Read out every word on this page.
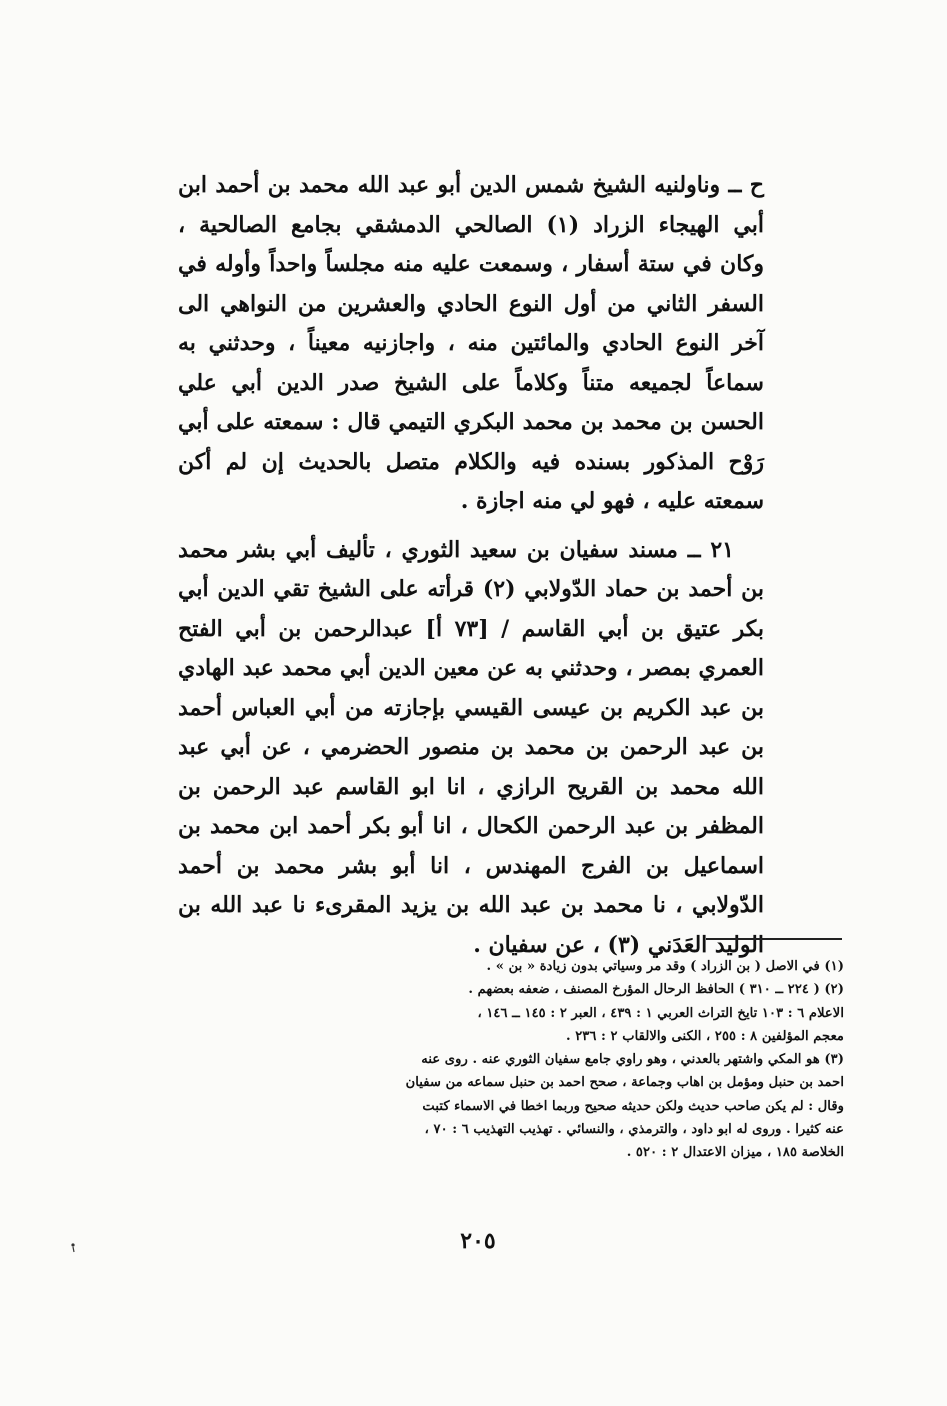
ح ــ وناولنيه الشيخ شمس الدين أبو عبد الله محمد بن أحمد ابن أبي الهيجاء الزراد (١) الصالحي الدمشقي بجامع الصالحية ، وكان في ستة أسفار ، وسمعت عليه منه مجلساً واحداً وأوله في السفر الثاني من أول النوع الحادي والعشرين من النواهي الى آخر النوع الحادي والمائتين منه ، واجازنيه معيناً ، وحدثني به سماعاً لجميعه متناً وكلاماً على الشيخ صدر الدين أبي علي الحسن بن محمد بن محمد البكري التيمي قال : سمعته على أبي رَوْح المذكور بسنده فيه والكلام متصل بالحديث إن لم أكن سمعته عليه ، فهو لي منه اجازة .

٢١ ــ مسند سفيان بن سعيد الثوري ، تأليف أبي بشر محمد بن أحمد بن حماد الدّولابي (٢) قرأته على الشيخ تقي الدين أبي بكر عتيق بن أبي القاسم / [٧٣ أ] عبدالرحمن بن أبي الفتح العمري بمصر ، وحدثني به عن معين الدين أبي محمد عبد الهادي بن عبد الكريم بن عيسى القيسي بإجازته من أبي العباس أحمد بن عبد الرحمن بن محمد بن منصور الحضرمي ، عن أبي عبد الله محمد بن القريح الرازي ، انا ابو القاسم عبد الرحمن بن المظفر بن عبد الرحمن الكحال ، انا أبو بكر أحمد ابن محمد بن اسماعيل بن الفرج المهندس ، انا أبو بشر محمد بن أحمد الدّولابي ، نا محمد بن عبد الله بن يزيد المقرىء نا عبد الله بن الوليد العَدَني (٣) ، عن سفيان .

(١) في الاصل ( بن الزراد ) وقد مر وسياتي بدون زيادة « بن » .
(٢) ( ٢٢٤ ــ ٣١٠ ) الحافظ الرحال المؤرخ المصنف ، ضعفه بعضهم .
الاعلام ٦ : ١٠٣ تايخ التراث العربي ١ : ٤٣٩ ، العبر ٢ : ١٤٥ ــ ١٤٦ ،
معجم المؤلفين ٨ : ٢٥٥ ، الكنى والالقاب ٢ : ٢٣٦ .
(٣) هو المكي واشتهر بالعدني ، وهو راوي جامع سفيان الثوري عنه . روى عنه
احمد بن حنبل ومؤمل بن اهاب وجماعة ، صحح احمد بن حنبل سماعه من سفيان
وقال : لم يكن صاحب حديث ولكن حديثه صحيح وربما اخطا في الاسماء كتبت
عنه كثيرا . وروى له ابو داود ، والترمذي ، والنسائي . تهذيب التهذيب ٦ : ٧٠ ،
الخلاصة ١٨٥ ، ميزان الاعتدال ٢ : ٥٢٠ .
٢٠٥
